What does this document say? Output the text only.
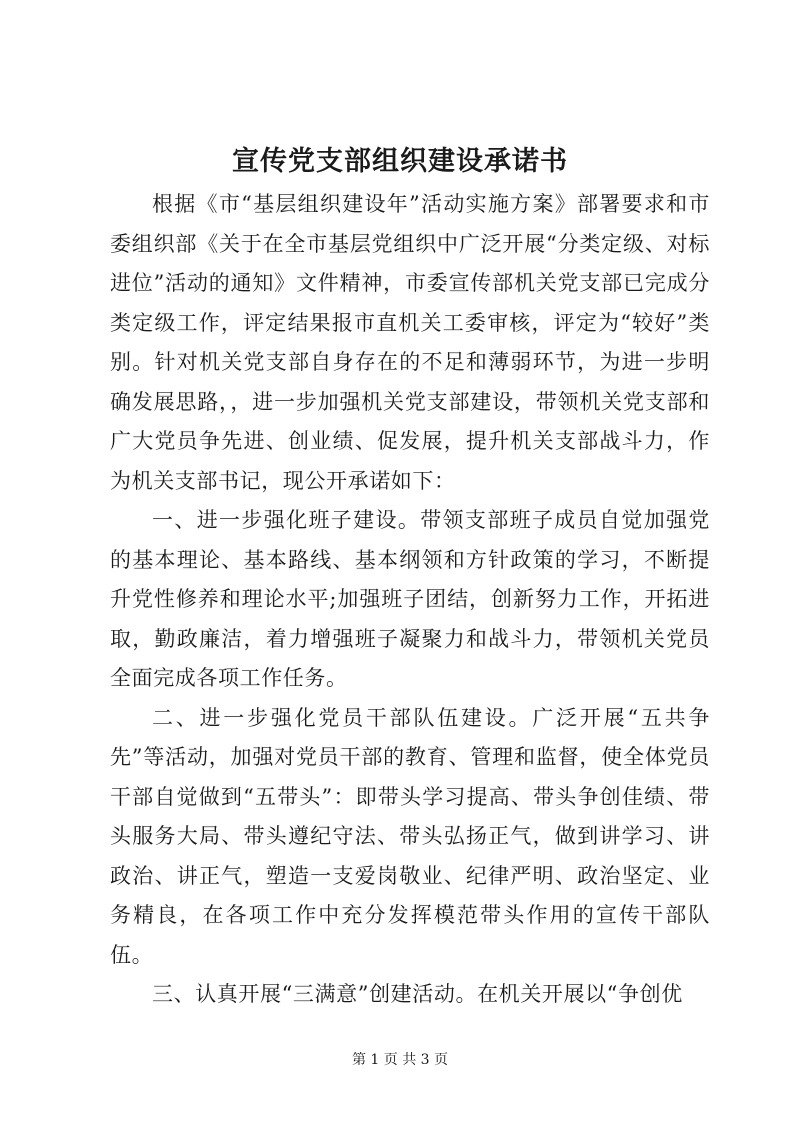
宣传党支部组织建设承诺书

根据《市“基层组织建设年”活动实施方案》部署要求和市委组织部《关于在全市基层党组织中广泛开展“分类定级、对标进位”活动的通知》文件精神，市委宣传部机关党支部已完成分类定级工作，评定结果报市直机关工委审核，评定为“较好”类别。针对机关党支部自身存在的不足和薄弱环节，为进一步明确发展思路，，进一步加强机关党支部建设，带领机关党支部和广大党员争先进、创业绩、促发展，提升机关支部战斗力，作为机关支部书记，现公开承诺如下：

一、进一步强化班子建设。带领支部班子成员自觉加强党的基本理论、基本路线、基本纲领和方针政策的学习，不断提升党性修养和理论水平;加强班子团结，创新努力工作，开拓进取，勤政廉洁，着力增强班子凝聚力和战斗力，带领机关党员全面完成各项工作任务。

二、进一步强化党员干部队伍建设。广泛开展“五共争先”等活动，加强对党员干部的教育、管理和监督，使全体党员干部自觉做到“五带头”：即带头学习提高、带头争创佳绩、带头服务大局、带头遵纪守法、带头弘扬正气，做到讲学习、讲政治、讲正气，塑造一支爱岗敬业、纪律严明、政治坚定、业务精良，在各项工作中充分发挥模范带头作用的宣传干部队伍。

三、认真开展“三满意”创建活动。在机关开展以“争创优

第 1 页 共 3 页
